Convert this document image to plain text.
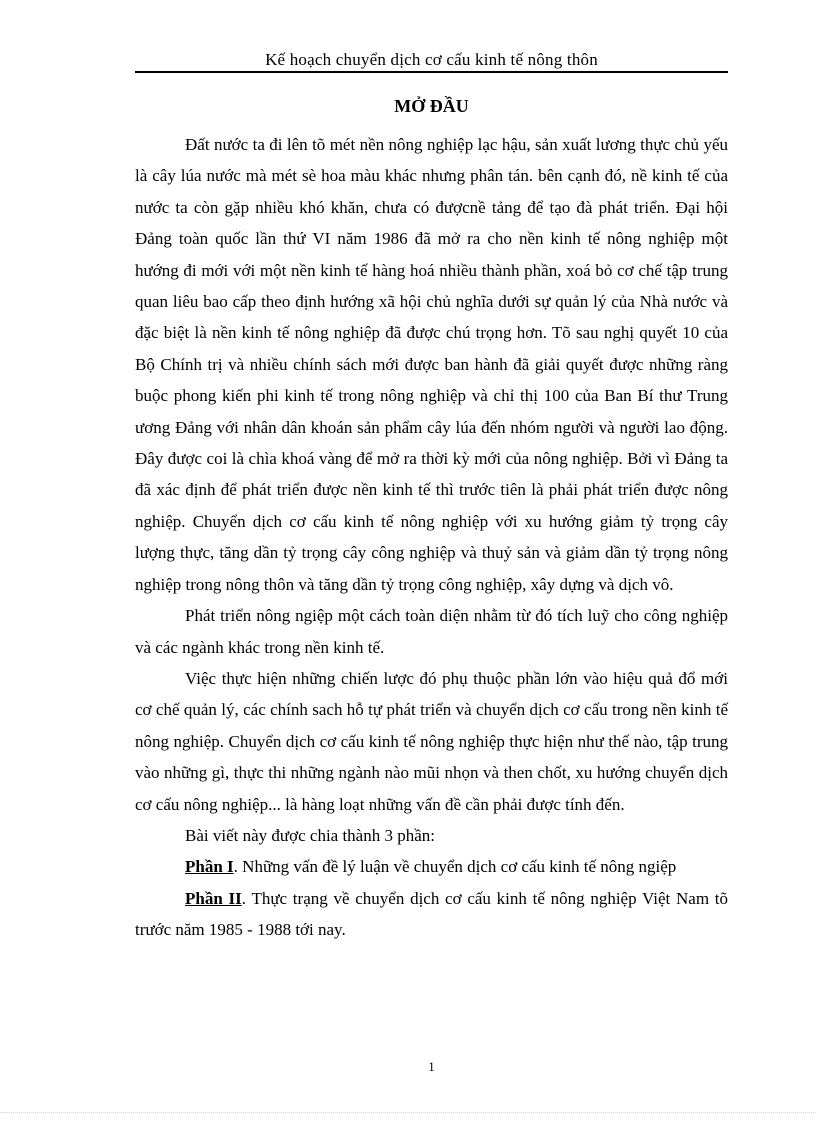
Kế hoạch chuyển dịch cơ cấu kinh tế nông thôn
MỞ ĐẦU

Đất nước ta đi lên tõ mét nền nông nghiệp lạc hậu, sản xuất lương thực chủ yếu là cây lúa nước mà mét sè hoa màu khác nhưng phân tán. bên cạnh đó, nề kinh tế của nước ta còn gặp nhiều khó khăn, chưa có đượcnề tảng để tạo đà phát triển. Đại hội Đảng toàn quốc lần thứ VI năm 1986 đã mở ra cho nền kinh tế nông nghiệp một hướng đi mới với một nền kinh tế hàng hoá nhiều thành phần, xoá bỏ cơ chế tập trung quan liêu bao cấp theo định hướng xã hội chủ nghĩa dưới sự quản lý của Nhà nước và đặc biệt là nền kinh tế nông nghiệp đã được chú trọng hơn. Tõ sau nghị quyết 10 của Bộ Chính trị và nhiều chính sách mới được ban hành đã giải quyết được những ràng buộc phong kiến phi kinh tế trong nông nghiệp và chỉ thị 100 của Ban Bí thư Trung ương Đảng với nhân dân khoán sản phẩm cây lúa đến nhóm người và người lao động. Đây được coi là chìa khoá vàng để mở ra thời kỳ mới của nông nghiệp. Bởi vì Đảng ta đã xác định để phát triển được nền kinh tế thì trước tiên là phải phát triển được nông nghiệp. Chuyển dịch cơ cấu kinh tế nông nghiệp với xu hướng giảm tỷ trọng cây lượng thực, tăng dần tỷ trọng cây công nghiệp và thuỷ sản và giảm dần tỷ trọng nông nghiệp trong nông thôn và tăng dần tỷ trọng công nghiệp, xây dựng và dịch vô.

Phát triển nông ngiệp một cách toàn diện nhằm từ đó tích luỹ cho công nghiệp và các ngành khác trong nền kinh tế.

Việc thực hiện những chiến lược đó phụ thuộc phần lớn vào hiệu quả đổ mới cơ chế quản lý, các chính sach hỗ tự phát triển và chuyển dịch cơ cấu trong nền kinh tế nông nghiệp. Chuyển dịch cơ cấu kinh tế nông nghiệp thực hiện như thế nào, tập trung vào những gì, thực thi những ngành nào mũi nhọn và then chốt, xu hướng chuyển dịch cơ cấu nông nghiệp... là hàng loạt những vấn đề cần phải được tính đến.

Bài viết này được chia thành 3 phần:

Phần I. Những vấn đề lý luận về chuyển dịch cơ cấu kinh tế nông ngiệp

Phần II. Thực trạng về chuyển dịch cơ cấu kinh tế nông nghiệp Việt Nam tõ trước năm 1985 - 1988 tới nay.

1
